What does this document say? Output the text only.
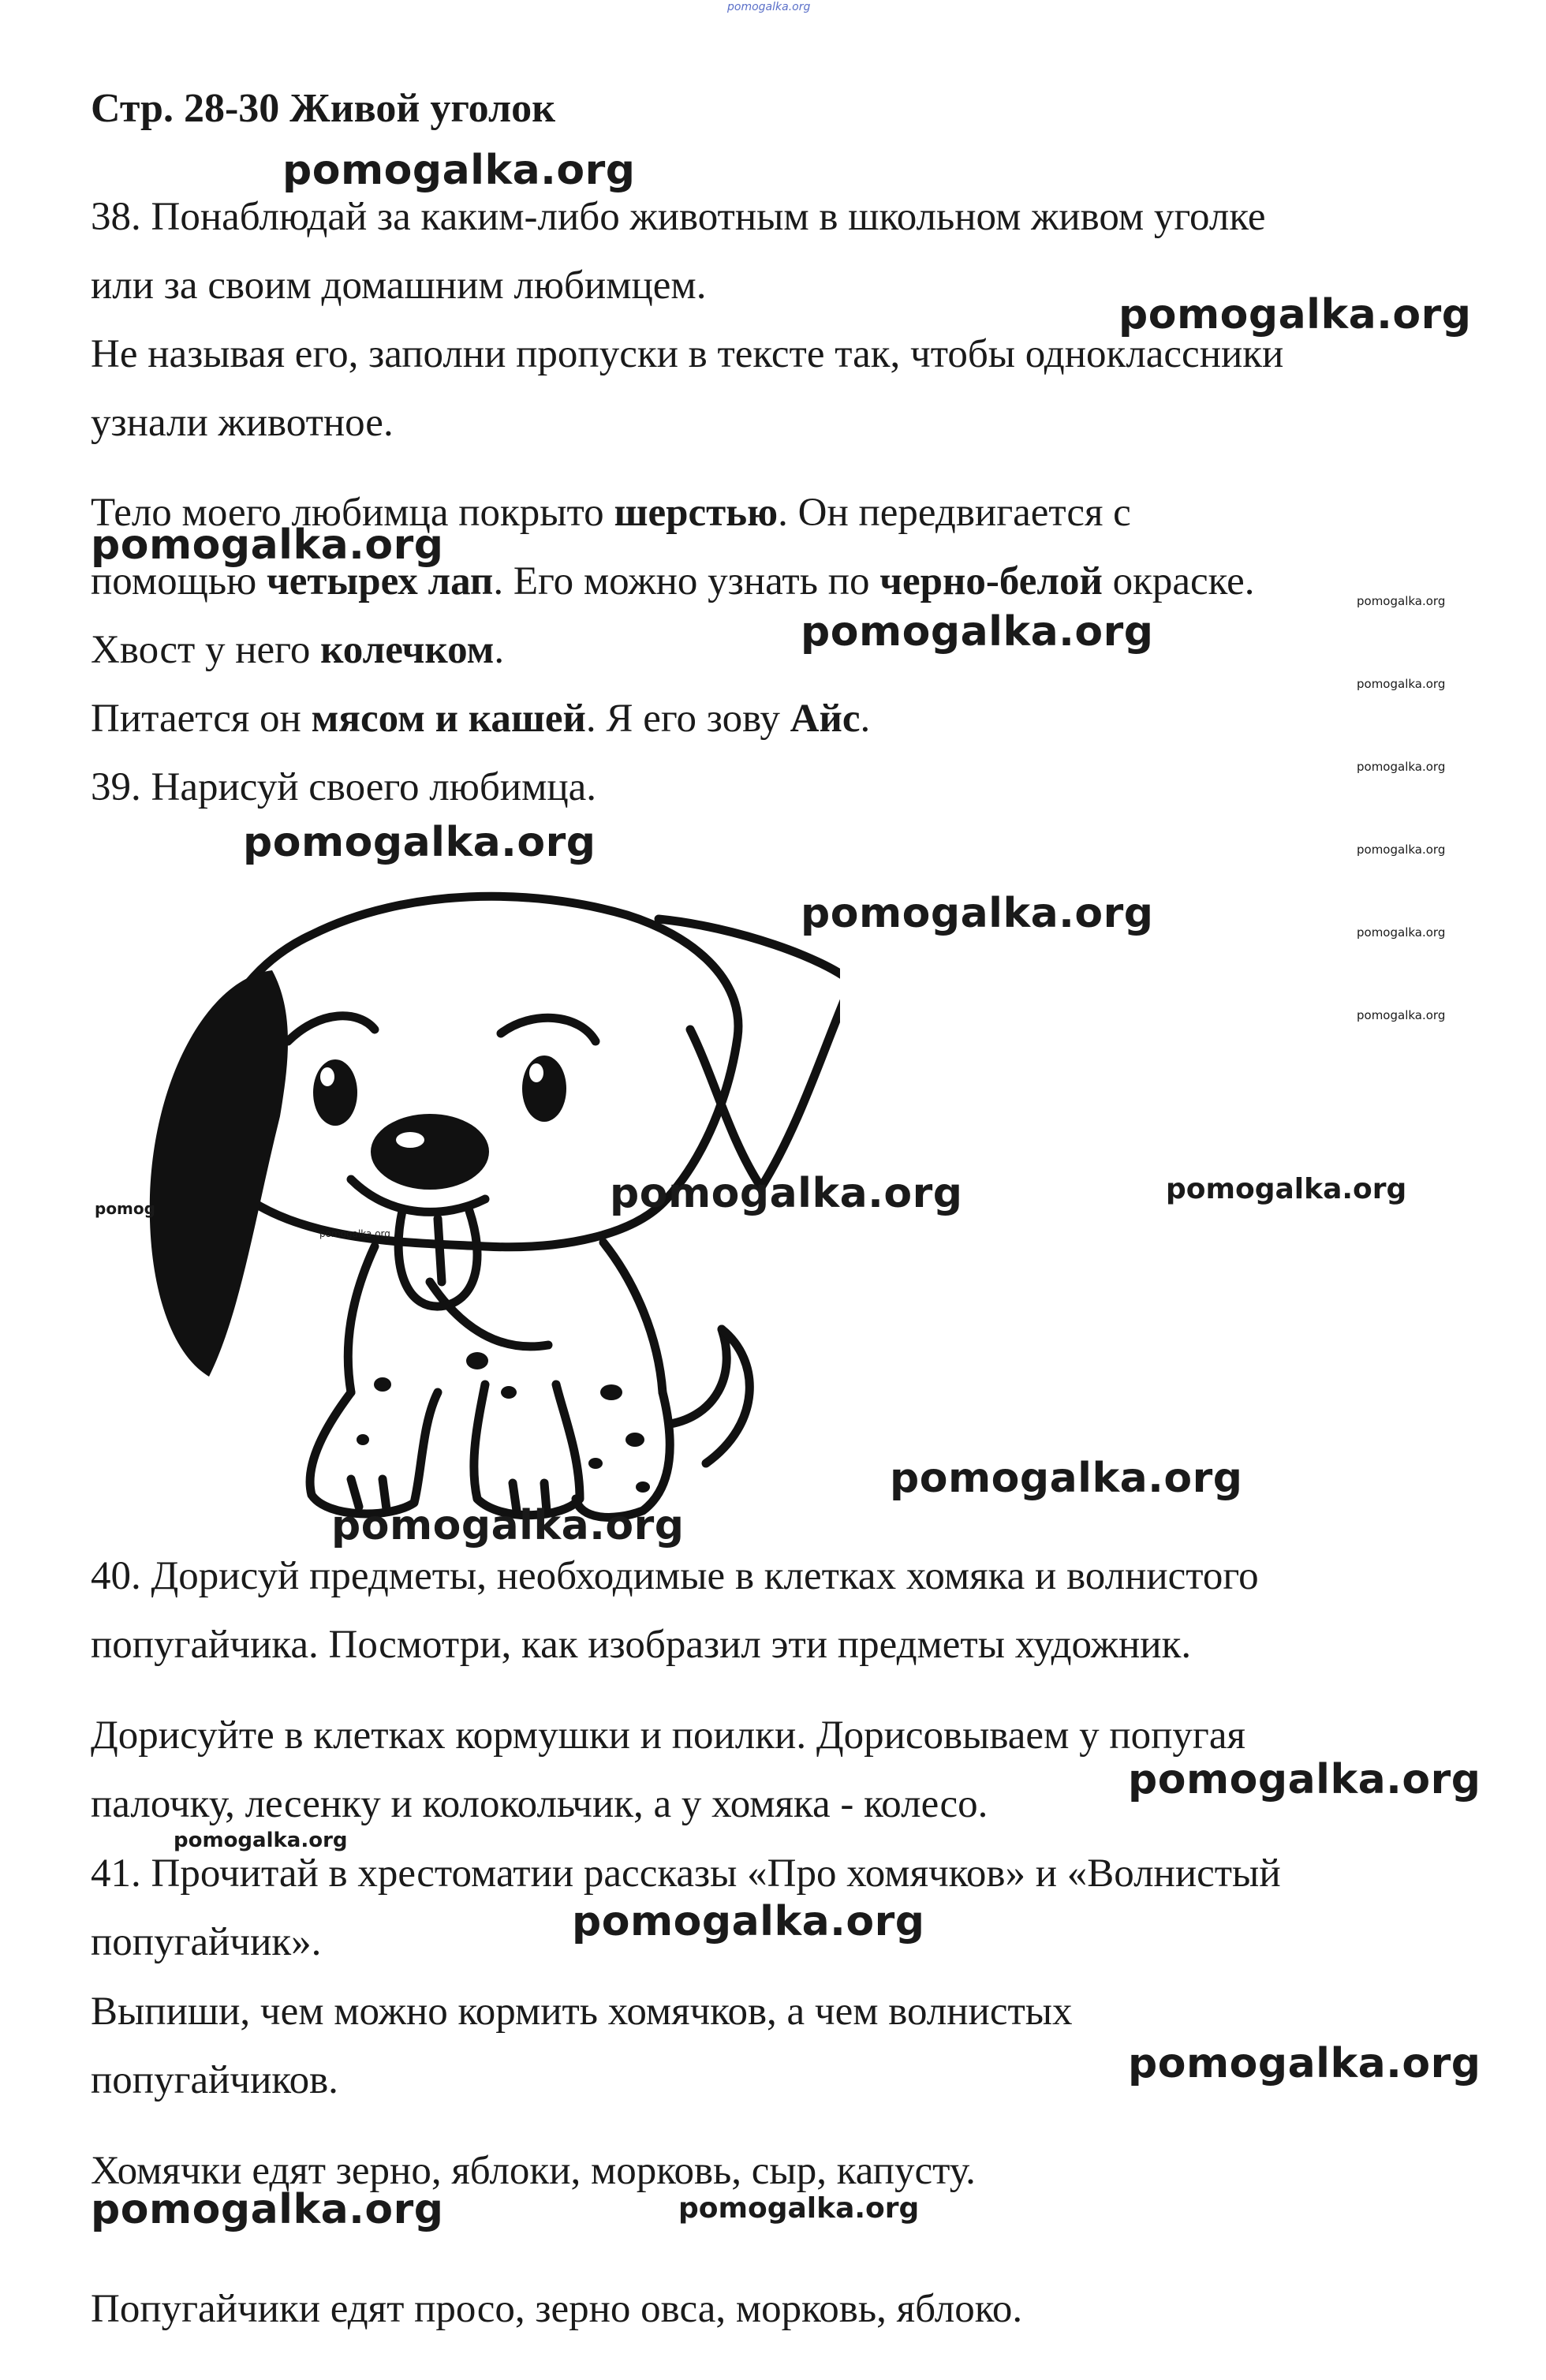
pomogalka.org

Стр. 28-30 Живой уголок

38. Понаблюдай за каким-либо животным в школьном живом уголке

или за своим домашним любимцем.

Не называя его, заполни пропуски в тексте так, чтобы одноклассники

узнали животное.

Тело моего любимца покрыто шерстью. Он передвигается с

помощью четырех лап. Его можно узнать по черно-белой окраске.

Хвост у него колечком.

Питается он мясом и кашей. Я его зову Айс.

39. Нарисуй своего любимца.

40. Дорисуй предметы, необходимые в клетках хомяка и волнистого

попугайчика. Посмотри, как изобразил эти предметы художник.

Дорисуйте в клетках кормушки и поилки. Дорисовываем у попугая

палочку, лесенку и колокольчик, а у хомяка - колесо.

41. Прочитай в хрестоматии рассказы «Про хомячков» и «Волнистый

попугайчик».

Выпиши, чем можно кормить хомячков, а чем волнистых

попугайчиков.

Хомячки едят зерно, яблоки, морковь, сыр, капусту.

Попугайчики едят просо, зерно овса, морковь, яблоко.

pomogalka.org
pomogalka.org
pomogalka.org
pomogalka.org
pomogalka.org
pomogalka.org
pomogalka.org	pomogalka.org
pomogalka.org
pomogalka.org
pomogalka.org
pomogalka.org
pomogalka.org
pomogalka.org
pomogalka.org	pomogalka.org
pomogalka.org
pomogalka.org
pomogalka.org
pomogalka.org
pomogalka.org
pomogalka.org
pomog
pomogalka.org
